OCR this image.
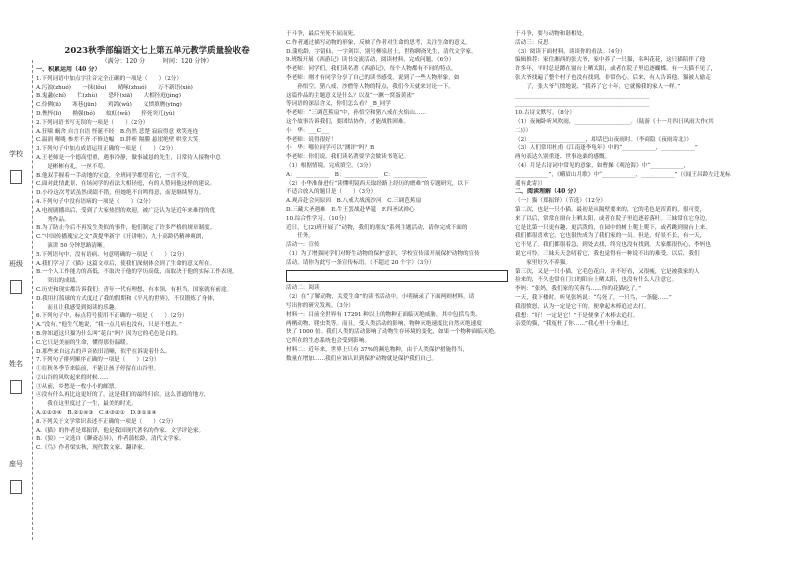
学校
班级
姓名
座号
2023秋季部编语文七上第五单元教学质量验收卷
（满分：120 分　　　时间：120 分钟）
一、积累运用（40 分）
1.下列词语中加点字注音完全正确的一项是（　　）（2分）
A.污浊(zhuó)　　一抹(lǒu)　　晴啄(zhuó)　　万不新语(xiè)
B.鬼蠡(chí)　　伫(zhù)　　恐吓(xiā)　　大相径庭(jìng)
C.伶俐(lì)　　寒巷(jūn)　　鸡鸽(wǔ)　　义愤填膺(yīng)
D.憔悴(lì)　　拗强(bó)　　蚊虹(wǔ)　　猝死突兀(yù)
2.下列词语书写无误的一项是（　　）（2分）
A.狂啸 蜗舍 自言自语 怪诞不经　B.伤然 悲楚 寂寂得意 欢笑连连
C.温润 喉咙 参差不齐 不修边幅　D.胖析 隔膜 悬崖绝壁 哄堂大笑
3.下列句子中加点成语运用正确的一项是（　　）（2分）
A.王老师是一个德高望重，遇事冷静，做事诚恳的先生，日常待人接物中总
是彬彬有礼，一丝不苟。
B.他双手握着一手动地的宝盒，全班同学都望着它，一言不发。
C.面对此情此景，在场同学的看法大相径庭，有的人赞同他这样的建议。
D.小玲这次考试虽然成绩不错，但她绝不自鸣得意，而是继续努力。
4.下列句子中没有语病的一项是（　　）（2分）
A.电视剧播出后，受到了大家热烈的欢迎，被广泛认为是近年来难得的优
秀作品。
B.为了防止今后不再发生类似的事件，他们制定了许多严格的规章制度。
C.“中国传播瑰宝之文”黄提华新宇《开讲啦》，九十高龄仍精神爽朗，
演讲 50 分钟思路清晰。
5.下列语句中，没有语病、句意明确的一项是（　　）（2分）
A.我们学习了《猫》这篇文章后，使我们深刻体会到了生命的意义所在。
B.一个人工作能力的高低，不取决于他的学历高低，而取决于他的实际工作表现。
突出的成绩。
C.历史和现实都告诉我们：青年一代有理想，有本领，有担当，国家就有前途。
D.我用打篮球的方式度过了我的假期和《平凡的世界》，不仅锻炼了身体，
而且让我感受到阅读的乐趣。
6.下列句子中，标点符号使用不正确的一项是（　　）（2分）
A.“没有。”他生气地说，“我一点儿病也没有，只是不想去。”
B.你知道这只猫为什么叫“花白”吗？因为它的毛色是白的。
C.它只是美丽的生命，懂得那份温暖。
D.那些来自远古的声音依旧清晰，似乎在诉说着什么。
7.下列句子排列顺序正确的一项是（　　）（2分）
①在秋冬季节来临前，不能让孩子停留在山谷里。
②山谷的风吹起来的时候……
③从前，乡愁是一枚小小的邮票。
④没有什么再比这更好的了，这是我们的最终归宿，这么普通的地方，
我在这里度过了一生，最美的时光。
A.①②③④　B.②①④③　C.④③②①　D.③①②④
8.下列关于文学常识表述不正确的一项是（　　）（2分）
A.《猫》的作者是郑振铎，他是我国现代著名的作家、文学评论家。
B.《狼》一文选自《聊斋志异》，作者蒲松龄，清代文学家。
C.《鸟》作者梁实秋，现代散文家、翻译家。
于斗争，最后至死不屈而死。
C.作者通过描写动物的形象，反映了作者对生命的思考，关注生命的意义。
D.蒲松龄，字留仙，一字剑臣，别号柳泉居士，世称聊斋先生，清代文学家。
9.班级开展《西游记》读书交流活动，阅读材料，完成问题。（6分）
李老师：同学们，我们读名著《西游记》，每个人物都有不同的特点。
李老师：刚才有同学分享了自己的读书感受，说到了一些人物形象，如
孙悟空，猪八戒，沙僧等人物的特点，我们今天就来讨论一下。
这篇作品的主题意义是什么？以及“一蹶一窝蛋黄雀”
等词语的深层含义，你们怎么看？_B_同学
李老师：“三调芭蕉扇”中，孙悟空和猪八戒在火焰山……
这个故事告诉我们，要团结协作，才能战胜困难。
小　华：___C___
李老师：说得很好！
小　华：哪位同学可以“测评”吗？B
李老师：你们说，我们读名著要学会做读书笔记。
（1）根据情境，完成填空。（3分）
A：____________　B：____________　C：____________
（2）小华准备进行“读懂明镜西天取经路上经历的磨难”的专题研究，以下
不适合放入的题目是（　　）（3分）
A.观音赴会问原因　B.八戒大战流沙河　C.三调芭蕉扇
D.三藏大圣遇难　E.牛王罢战赴华筵　F.四圣试禅心
10.综合性学习。（10分）
近日，七(2)班开展了“动物，我们的朋友”系列主题活动，请你完成下面的
任务。
活动一：宣传
（1）为了增强同学们对野生动物的保护意识，学校宣传部开展保护动物的宣传
活动，请你为此写一条宣传标语。（不超过 20 个字）（3分）

活动二：阅读
（2）在“了解动物，关爱生命”的读书活动中，小明摘录了下面两则材料，请
写出你的研究发现。（3分）
材料一：目前全世界有 17291 种以上的物种正面临灭绝威胁，其中包括鸟类、
两栖动物、爬虫类等。而且，受人类活动的影响，物种灭绝速度比自然灭绝速度
快了 1000 倍。我们人类的活动影响了动物生存环境的变化，如果一个物种面临灭绝，
它所在的生态系统也会受到影响。
材料二：近年来，世界上只有 37%的濒危物种，由于人类保护措施得当，
数量在增加……我们应该认识到保护动物就是保护我们自己。
于斗争，要与动物和谐相处。
活动三：反思
（3）阅读下面材料，谈谈你的看法。（4分）
编辑推荐：家住湘西的张大爷，家中养了一只猫，名叫花花，这只猫陪伴了他
许多年，平时总是蹲在窗台上晒太阳，或者在院子里追逐蝴蝶。有一天猫不见了，
张大爷找遍了整个村子也没有找到，非常伤心。后来，有人告诉他，猫被人偷走
了，张大爷气愤地说，“我养了它十年，它就像我的家人一样。”
________________________________________________
________________________________________________
10.古诗文默写。（8分）
（1）夜阑卧听风吹雨，____________________。（陆游《十一月四日风雨大作(其
二)》）
（2）____________________，却话巴山夜雨时。（李商隐《夜雨寄北》）
（3）人们常用杜甫《江南逢李龟年》中的“____________，____________”
两句表达久别重逢、世事沧桑的感慨。
（4）月是古诗词中常见的意象，如曹操《观沧海》中“____________，
____________”，《峨眉山月歌》中“____________，____________”（《闻王昌龄左迁龙标
遥有此寄》）
二、阅读理解（40 分）
（一）猫（郑振铎）（节选）（12分）
第二次，也是一只小猫。最初是从隔壁要来的，它的毛色是浑黄的，很可爱，
来了以后，常常在窗台上晒太阳，或者在院子里追逐着落叶。三妹常在它身边，
它是比第一只更有趣、更活泼的，在园中的树上爬上爬下，或者跳到窗台上来。
我们都很喜欢它，它也很快成为了我们家的一员。但是，好景不长，有一天，
它不见了。我们都很着急，到处去找，终究也没有找到。大家都很伤心，李妈也
说它可怜。三妹天天念叨着它，我也觉得有一种说不出的难受。以后，我们
家里好久不养猫。
第三次，又是一只小猫，它毛色花白，并不好看，又很瘦，它是被我家的人
捡来的，不久也常在门口的阳台上晒太阳，也没有什么人注意它。
李妈：“张妈，我们家的芙蓉鸟……你的花猫吃了。”
一天，我下楼时，听见张妈说：“鸟死了，一只鸟，一条腿……”
我很愤怒，认为一定是它干的。便拿起木棒追过去打。
我想：“好！一定是它！”于是便拿了木棒去追打。
亲爱的猫，“我冤枉了你……”我心里十分难过。
